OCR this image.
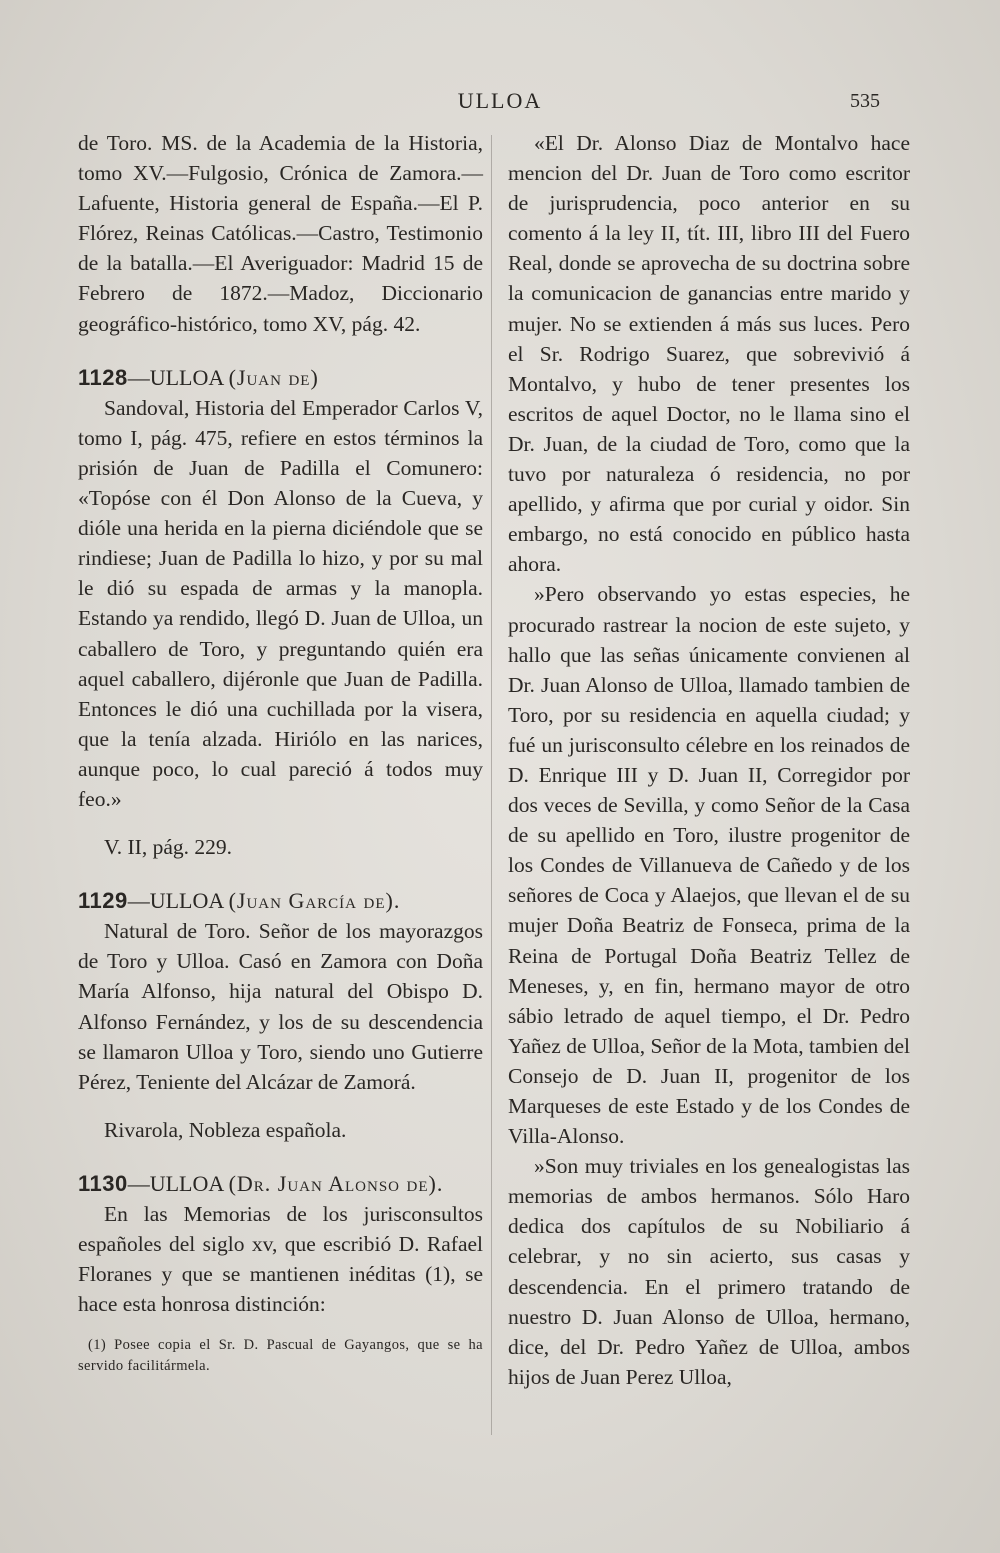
ULLOA	535

de Toro. MS. de la Academia de la Historia, tomo XV.—Fulgosio, Crónica de Zamora.—Lafuente, Historia general de España.—El P. Flórez, Reinas Católicas.—Castro, Testimonio de la batalla.—El Averiguador: Madrid 15 de Febrero de 1872.—Madoz, Diccionario geográfico-histórico, tomo XV, pág. 42.

1128—ULLOA (Juan de)

Sandoval, Historia del Emperador Carlos V, tomo I, pág. 475, refiere en estos términos la prisión de Juan de Padilla el Comunero: «Topóse con él Don Alonso de la Cueva, y dióle una herida en la pierna diciéndole que se rindiese; Juan de Padilla lo hizo, y por su mal le dió su espada de armas y la manopla. Estando ya rendido, llegó D. Juan de Ulloa, un caballero de Toro, y preguntando quién era aquel caballero, dijéronle que Juan de Padilla. Entonces le dió una cuchillada por la visera, que la tenía alzada. Hiriólo en las narices, aunque poco, lo cual pareció á todos muy feo.»

V. II, pág. 229.

1129—ULLOA (Juan García de).

Natural de Toro. Señor de los mayorazgos de Toro y Ulloa. Casó en Zamora con Doña María Alfonso, hija natural del Obispo D. Alfonso Fernández, y los de su descendencia se llamaron Ulloa y Toro, siendo uno Gutierre Pérez, Teniente del Alcázar de Zamorá.

Rivarola, Nobleza española.

1130—ULLOA (Dr. Juan Alonso de).

En las Memorias de los jurisconsultos españoles del siglo xv, que escribió D. Rafael Floranes y que se mantienen inéditas (1), se hace esta honrosa distinción:

(1) Posee copia el Sr. D. Pascual de Gayangos, que se ha servido facilitármela.

«El Dr. Alonso Diaz de Montalvo hace mencion del Dr. Juan de Toro como escritor de jurisprudencia, poco anterior en su comento á la ley II, tít. III, libro III del Fuero Real, donde se aprovecha de su doctrina sobre la comunicacion de ganancias entre marido y mujer. No se extienden á más sus luces. Pero el Sr. Rodrigo Suarez, que sobrevivió á Montalvo, y hubo de tener presentes los escritos de aquel Doctor, no le llama sino el Dr. Juan, de la ciudad de Toro, como que la tuvo por naturaleza ó residencia, no por apellido, y afirma que por curial y oidor. Sin embargo, no está conocido en público hasta ahora.

»Pero observando yo estas especies, he procurado rastrear la nocion de este sujeto, y hallo que las señas únicamente convienen al Dr. Juan Alonso de Ulloa, llamado tambien de Toro, por su residencia en aquella ciudad; y fué un jurisconsulto célebre en los reinados de D. Enrique III y D. Juan II, Corregidor por dos veces de Sevilla, y como Señor de la Casa de su apellido en Toro, ilustre progenitor de los Condes de Villanueva de Cañedo y de los señores de Coca y Alaejos, que llevan el de su mujer Doña Beatriz de Fonseca, prima de la Reina de Portugal Doña Beatriz Tellez de Meneses, y, en fin, hermano mayor de otro sábio letrado de aquel tiempo, el Dr. Pedro Yañez de Ulloa, Señor de la Mota, tambien del Consejo de D. Juan II, progenitor de los Marqueses de este Estado y de los Condes de Villa-Alonso.

»Son muy triviales en los genealogistas las memorias de ambos hermanos. Sólo Haro dedica dos capítulos de su Nobiliario á celebrar, y no sin acierto, sus casas y descendencia. En el primero tratando de nuestro D. Juan Alonso de Ulloa, hermano, dice, del Dr. Pedro Yañez de Ulloa, ambos hijos de Juan Perez Ulloa,
